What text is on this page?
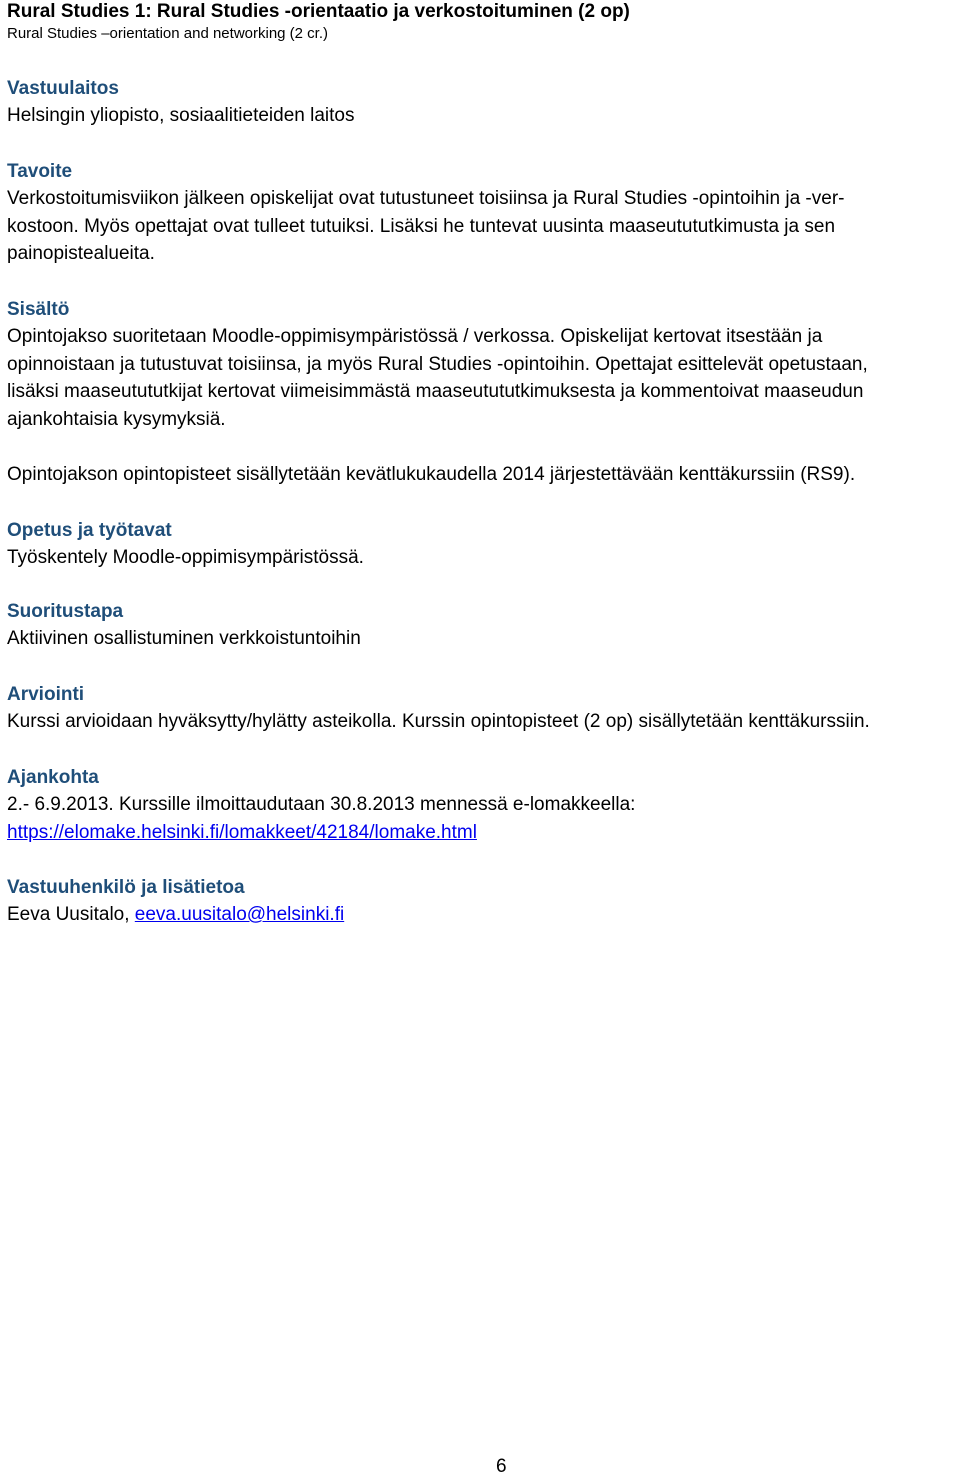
Rural Studies 1: Rural Studies -orientaatio ja verkostoituminen (2 op)
Rural Studies –orientation and networking (2 cr.)
Vastuulaitos

Helsingin yliopisto, sosiaalitieteiden laitos

Tavoite

Verkostoitumisviikon jälkeen opiskelijat ovat tutustuneet toisiinsa ja Rural Studies -opintoihin ja -ver-

kostoon. Myös opettajat ovat tulleet tutuiksi. Lisäksi he tuntevat uusinta maaseutututkimusta ja sen

painopistealueita.

Sisältö

Opintojakso suoritetaan Moodle-oppimisympäristössä / verkossa. Opiskelijat kertovat itsestään ja

opinnoistaan ja tutustuvat toisiinsa, ja myös Rural Studies -opintoihin. Opettajat esittelevät opetustaan,

lisäksi maaseutututkijat kertovat viimeisimmästä maaseutututkimuksesta ja kommentoivat maaseudun

ajankohtaisia kysymyksiä.

Opintojakson opintopisteet sisällytetään kevätlukukaudella 2014 järjestettävään kenttäkurssiin (RS9).

Opetus ja työtavat

Työskentely Moodle-oppimisympäristössä.

Suoritustapa

Aktiivinen osallistuminen verkkoistuntoihin

Arviointi

Kurssi arvioidaan hyväksytty/hylätty asteikolla. Kurssin opintopisteet (2 op) sisällytetään kenttäkurssiin.

Ajankohta

2.- 6.9.2013. Kurssille ilmoittaudutaan 30.8.2013 mennessä e-lomakkeella:

https://elomake.helsinki.fi/lomakkeet/42184/lomake.html

Vastuuhenkilö ja lisätietoa

Eeva Uusitalo, eeva.uusitalo@helsinki.fi

6
